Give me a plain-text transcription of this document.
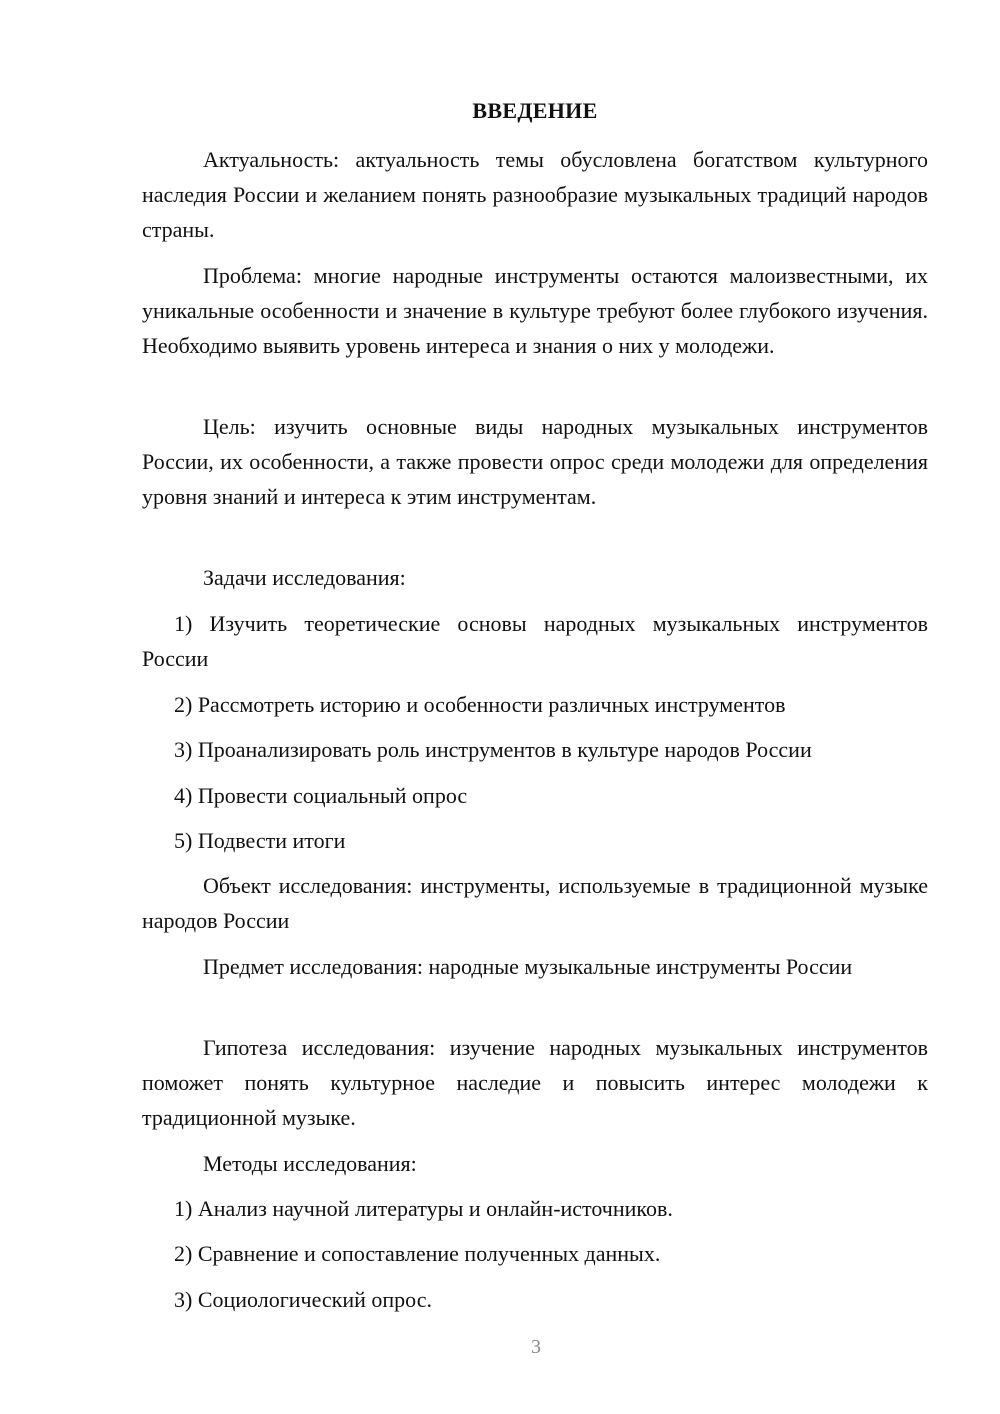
ВВЕДЕНИЕ

Актуальность: актуальность темы обусловлена богатством культурного наследия России и желанием понять разнообразие музыкальных традиций народов страны.

Проблема: многие народные инструменты остаются малоизвестными, их уникальные особенности и значение в культуре требуют более глубокого изучения. Необходимо выявить уровень интереса и знания о них у молодежи.

Цель: изучить основные виды народных музыкальных инструментов России, их особенности, а также провести опрос среди молодежи для определения уровня знаний и интереса к этим инструментам.

Задачи исследования:

1) Изучить теоретические основы народных музыкальных инструментов России

2) Рассмотреть историю и особенности различных инструментов

3) Проанализировать роль инструментов в культуре народов России

4) Провести социальный опрос

5) Подвести итоги

Объект исследования: инструменты, используемые в традиционной музыке народов России

Предмет исследования: народные музыкальные инструменты России

Гипотеза исследования: изучение народных музыкальных инструментов поможет понять культурное наследие и повысить интерес молодежи к традиционной музыке.

Методы исследования:

1) Анализ научной литературы и онлайн-источников.

2) Сравнение и сопоставление полученных данных.

3) Социологический опрос.

3
